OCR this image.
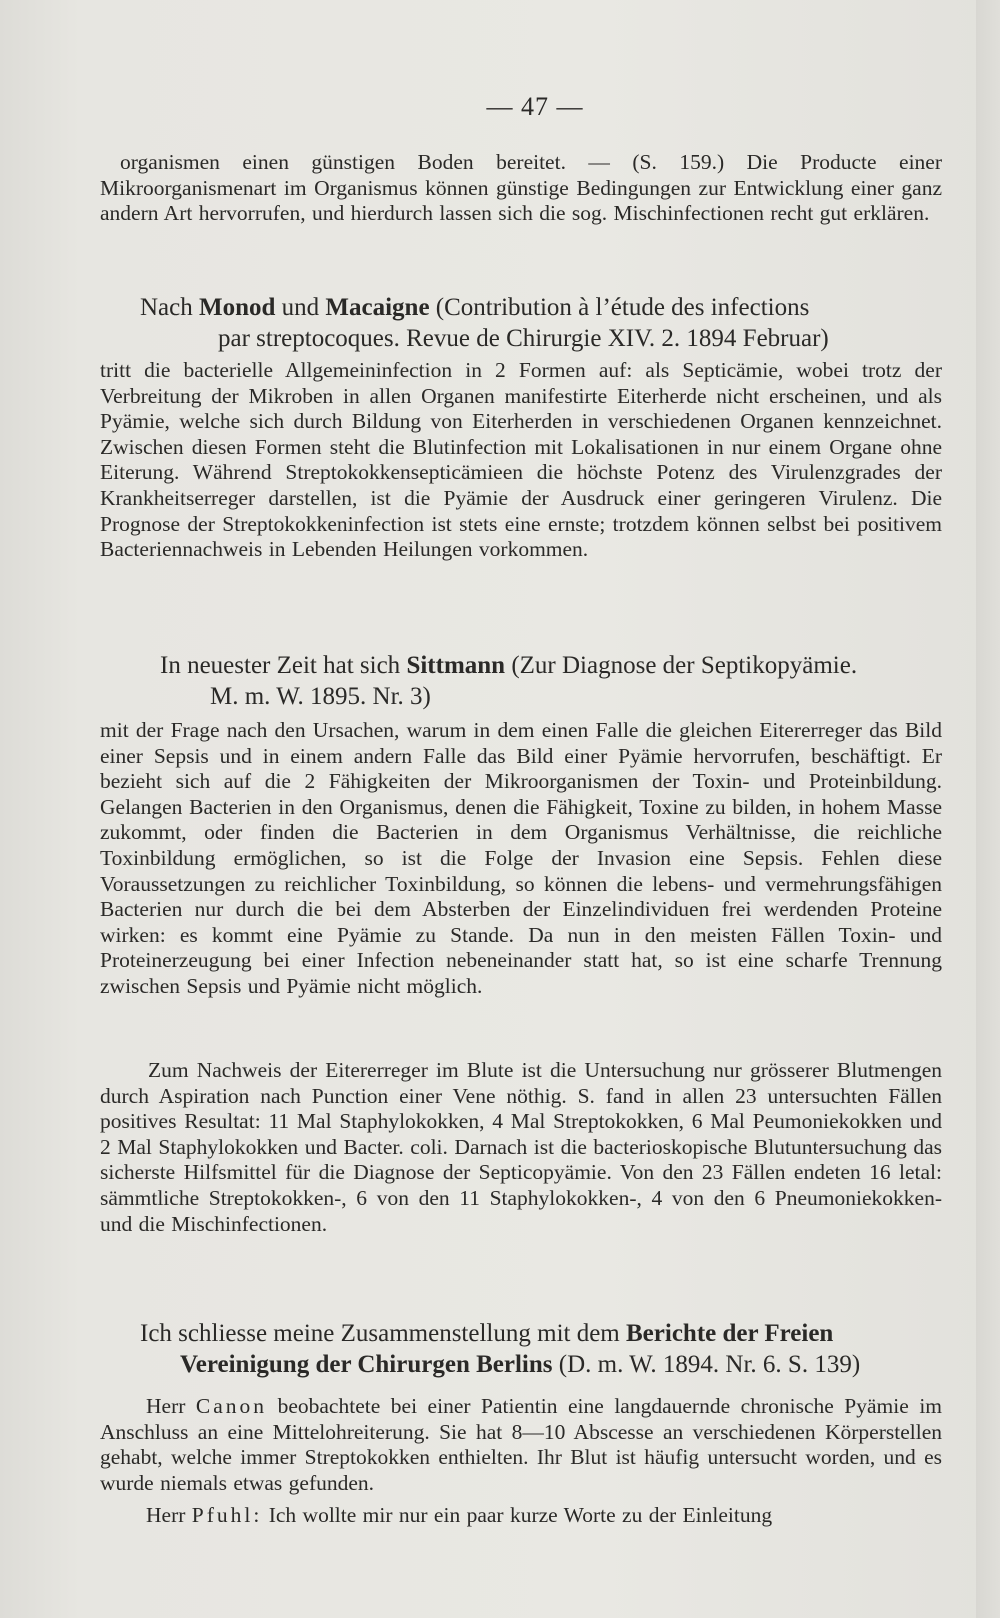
— 47 —

organismen einen günstigen Boden bereitet. — (S. 159.) Die Producte einer Mikroorganismenart im Organismus können günstige Bedingungen zur Entwicklung einer ganz andern Art hervorrufen, und hierdurch lassen sich die sog. Mischinfectionen recht gut erklären.

Nach Monod und Macaigne (Contribution à l’étude des infections

par streptocoques. Revue de Chirurgie XIV. 2. 1894 Februar)

tritt die bacterielle Allgemeininfection in 2 Formen auf: als Septicämie, wobei trotz der Verbreitung der Mikroben in allen Organen manifestirte Eiterherde nicht erscheinen, und als Pyämie, welche sich durch Bildung von Eiterherden in verschiedenen Organen kennzeichnet. Zwischen diesen Formen steht die Blutinfection mit Lokalisationen in nur einem Organe ohne Eiterung. Während Streptokokkensepticämieen die höchste Potenz des Virulenzgrades der Krankheitserreger darstellen, ist die Pyämie der Ausdruck einer geringeren Virulenz. Die Prognose der Streptokokkeninfection ist stets eine ernste; trotzdem können selbst bei positivem Bacteriennachweis in Lebenden Heilungen vorkommen.

In neuester Zeit hat sich Sittmann (Zur Diagnose der Septikopyämie.

M. m. W. 1895. Nr. 3)

mit der Frage nach den Ursachen, warum in dem einen Falle die gleichen Eitererreger das Bild einer Sepsis und in einem andern Falle das Bild einer Pyämie hervorrufen, beschäftigt. Er bezieht sich auf die 2 Fähigkeiten der Mikroorganismen der Toxin- und Proteinbildung. Gelangen Bacterien in den Organismus, denen die Fähigkeit, Toxine zu bilden, in hohem Masse zukommt, oder finden die Bacterien in dem Organismus Verhältnisse, die reichliche Toxinbildung ermöglichen, so ist die Folge der Invasion eine Sepsis. Fehlen diese Voraussetzungen zu reichlicher Toxinbildung, so können die lebens- und vermehrungsfähigen Bacterien nur durch die bei dem Absterben der Einzelindividuen frei werdenden Proteine wirken: es kommt eine Pyämie zu Stande. Da nun in den meisten Fällen Toxin- und Proteinerzeugung bei einer Infection nebeneinander statt hat, so ist eine scharfe Trennung zwischen Sepsis und Pyämie nicht möglich.

Zum Nachweis der Eitererreger im Blute ist die Untersuchung nur grösserer Blutmengen durch Aspiration nach Punction einer Vene nöthig. S. fand in allen 23 untersuchten Fällen positives Resultat: 11 Mal Staphylokokken, 4 Mal Streptokokken, 6 Mal Peumoniekokken und 2 Mal Staphylokokken und Bacter. coli. Darnach ist die bacterioskopische Blutuntersuchung das sicherste Hilfsmittel für die Diagnose der Septicopyämie. Von den 23 Fällen endeten 16 letal: sämmtliche Streptokokken-, 6 von den 11 Staphylokokken-, 4 von den 6 Pneumoniekokken- und die Mischinfectionen.

Ich schliesse meine Zusammenstellung mit dem Berichte der Freien

Vereinigung der Chirurgen Berlins (D. m. W. 1894. Nr. 6. S. 139)

Herr Canon beobachtete bei einer Patientin eine langdauernde chronische Pyämie im Anschluss an eine Mittelohreiterung. Sie hat 8—10 Abscesse an verschiedenen Körperstellen gehabt, welche immer Streptokokken enthielten. Ihr Blut ist häufig untersucht worden, und es wurde niemals etwas gefunden.

Herr Pfuhl: Ich wollte mir nur ein paar kurze Worte zu der Einleitung
